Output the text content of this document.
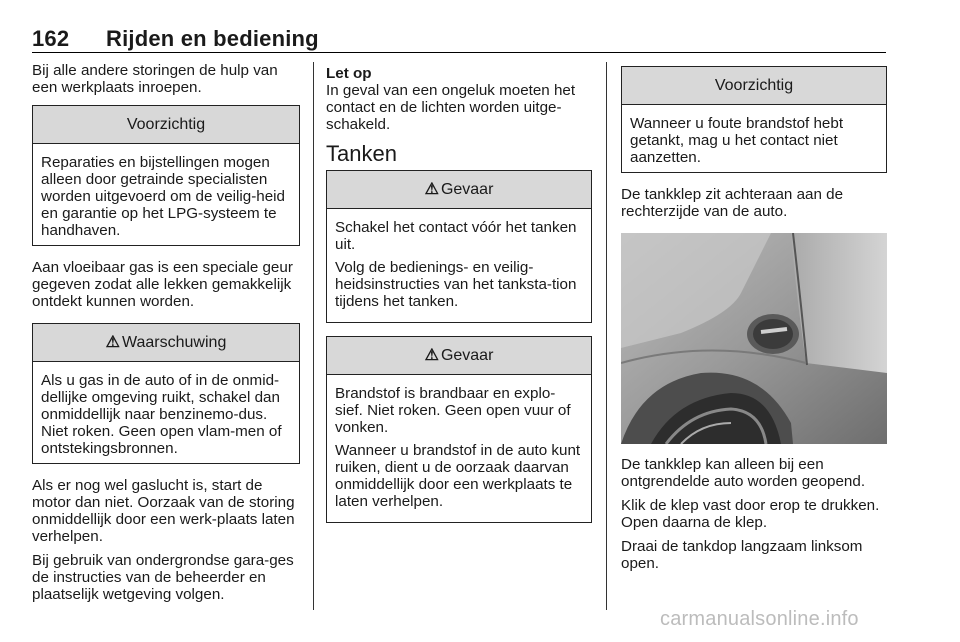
162 Rijden en bediening

Bij alle andere storingen de hulp van een werkplaats inroepen.

Voorzichtig

Reparaties en bijstellingen mogen alleen door getrainde specialisten worden uitgevoerd om de veilig-heid en garantie op het LPG-systeem te handhaven.

Aan vloeibaar gas is een speciale geur gegeven zodat alle lekken gemakkelijk ontdekt kunnen worden.

⚠ Waarschuwing

Als u gas in de auto of in de onmid-dellijke omgeving ruikt, schakel dan onmiddellijk naar benzinemo-dus. Niet roken. Geen open vlam-men of ontstekingsbronnen.

Als er nog wel gaslucht is, start de motor dan niet. Oorzaak van de storing onmiddellijk door een werk-plaats laten verhelpen.

Bij gebruik van ondergrondse gara-ges de instructies van de beheerder en plaatselijk wetgeving volgen.

Let op

In geval van een ongeluk moeten het contact en de lichten worden uitge-schakeld.

Tanken
⚠ Gevaar

Schakel het contact vóór het tanken uit.

Volg de bedienings- en veilig-heidsinstructies van het tanksta-tion tijdens het tanken.

⚠ Gevaar

Brandstof is brandbaar en explo-sief. Niet roken. Geen open vuur of vonken.

Wanneer u brandstof in de auto kunt ruiken, dient u de oorzaak daarvan onmiddellijk door een werkplaats te laten verhelpen.

Voorzichtig

Wanneer u foute brandstof hebt getankt, mag u het contact niet aanzetten.

De tankklep zit achteraan aan de rechterzijde van de auto.

De tankklep kan alleen bij een ontgrendelde auto worden geopend.

Klik de klep vast door erop te drukken. Open daarna de klep.

Draai de tankdop langzaam linksom open.

carmanualsonline.info
